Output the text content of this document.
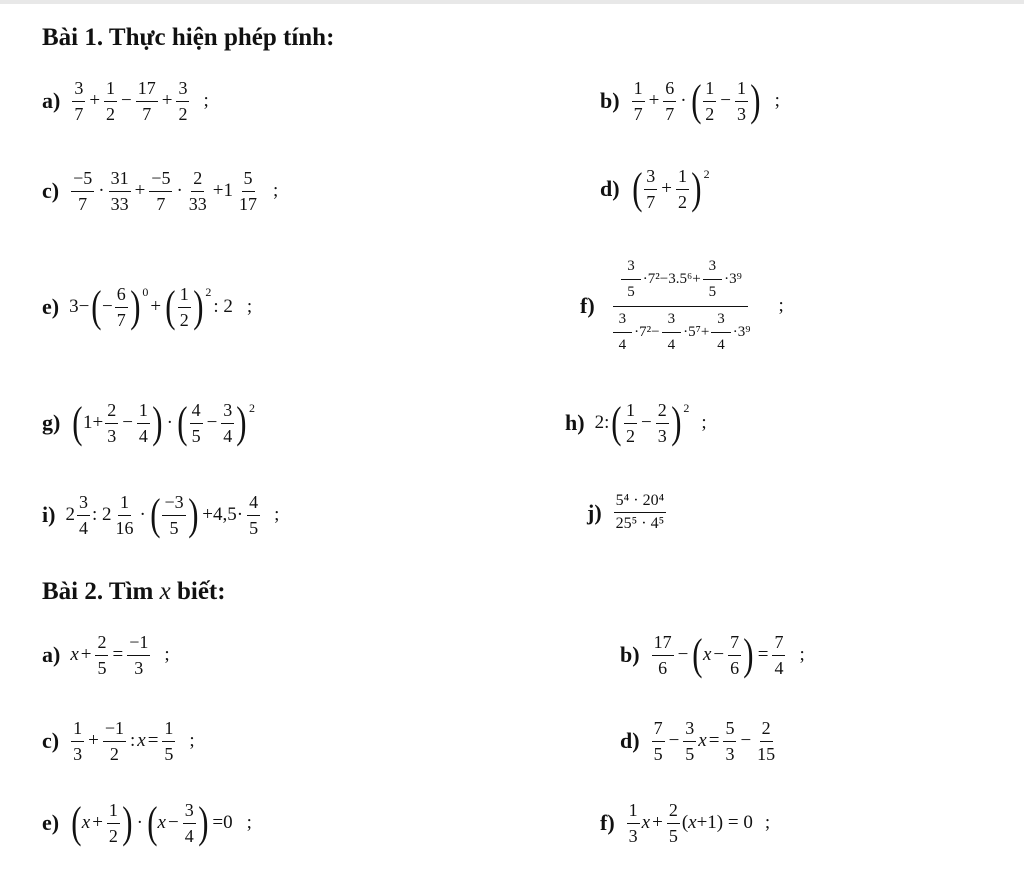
Bài 1. Thực hiện phép tính:
$a) \frac{3}{7} + \frac{1}{2} - \frac{17}{7} + \frac{3}{2}$ ;	$b) \frac{1}{7} + \frac{6}{7}$ · ( $\frac{1}{2} - \frac{1}{3}$ ) ;
$c) \frac{-5}{7} \cdot \frac{31}{33} + \frac{-5}{7} \cdot \frac{2}{33} +1 \frac{5}{17}$ ;	d) ( $\frac{3}{7} + \frac{1}{2}$ ) 2
e) 3− ( − $\frac{6}{7}$ ) 0
+ ( $\frac{1}{2}$ ) 2
: 2 ;	$f) \frac{\frac{3}{5} \cdot 7^2-3.5^6+ \frac{3}{5} \cdot 3^9}{\frac{3}{4} \cdot 7^2- \frac{3}{4} \cdot 5^7+ \frac{3}{4} \cdot 3^9}$ ;
g) ( $1+ \frac{2}{3} - \frac{1}{4}$ ) · ( $\frac{4}{5} - \frac{3}{4}$ ) 2
h) 2: ( $\frac{1}{2} - \frac{2}{3}$ ) 2
;
i) $2 \frac{3}{4}$ : $2 \frac{1}{16}$ · ( $\frac{-3}{5}$ ) $+4,5\cdot \frac{4}{5}$ ;	$j) \frac{\text{5⁴ · 20⁴}}{\text{25⁵ · 4⁵}}$
Bài 2. Tìm x biết:
a) $x + \frac{2}{5} = \frac{-1}{3}$ ;	$b) \frac{17}{6}$ − ( $x - \frac{7}{6}$ ) = $\frac{7}{4}$ ;
$c) \frac{1}{3} + \frac{-1}{2}$ : $x = \frac{1}{5}$ ;	$d) \frac{7}{5} - \frac{3}{5}$ $x = \frac{5}{3} - \frac{2}{15}$
e) ( $x + \frac{1}{2}$ ) · ( $x - \frac{3}{4}$ ) =0 ;	$f) \frac{1}{3}$ $x + \frac{2}{5} (x+1) = 0$ ;
